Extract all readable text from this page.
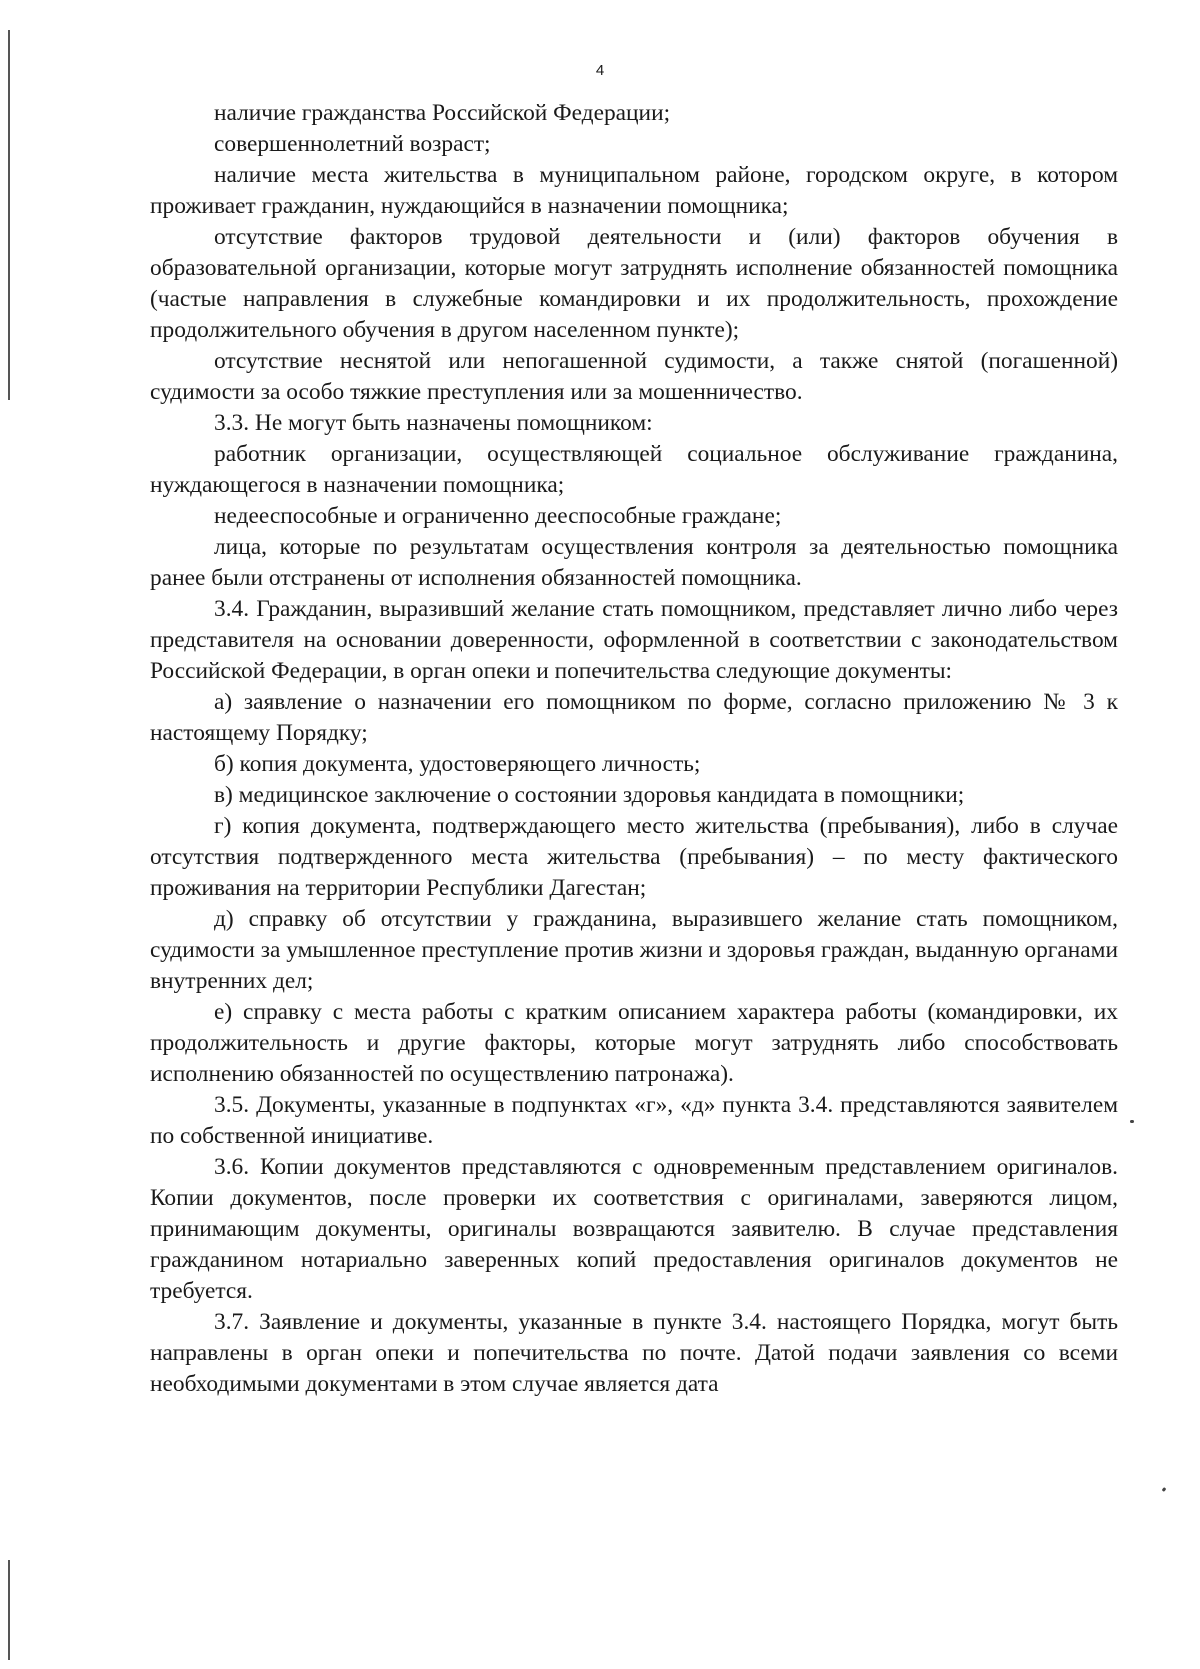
4

наличие гражданства Российской Федерации;

совершеннолетний возраст;

наличие места жительства в муниципальном районе, городском округе, в котором проживает гражданин, нуждающийся в назначении помощника;

отсутствие факторов трудовой деятельности и (или) факторов обучения в образовательной организации, которые могут затруднять исполнение обязанностей помощника (частые направления в служебные командировки и их продолжительность, прохождение продолжительного обучения в другом населенном пункте);

отсутствие неснятой или непогашенной судимости, а также снятой (погашенной) судимости за особо тяжкие преступления или за мошенничество.

3.3. Не могут быть назначены помощником:

работник организации, осуществляющей социальное обслуживание гражданина, нуждающегося в назначении помощника;

недееспособные и ограниченно дееспособные граждане;

лица, которые по результатам осуществления контроля за деятельностью помощника ранее были отстранены от исполнения обязанностей помощника.

3.4. Гражданин, выразивший желание стать помощником, представляет лично либо через представителя на основании доверенности, оформленной в соответствии с законодательством Российской Федерации, в орган опеки и попечительства следующие документы:

а) заявление о назначении его помощником по форме, согласно приложению № 3 к настоящему Порядку;

б) копия документа, удостоверяющего личность;

в) медицинское заключение о состоянии здоровья кандидата в помощники;

г) копия документа, подтверждающего место жительства (пребывания), либо в случае отсутствия подтвержденного места жительства (пребывания) – по месту фактического проживания на территории Республики Дагестан;

д) справку об отсутствии у гражданина, выразившего желание стать помощником, судимости за умышленное преступление против жизни и здоровья граждан, выданную органами внутренних дел;

е) справку с места работы с кратким описанием характера работы (командировки, их продолжительность и другие факторы, которые могут затруднять либо способствовать исполнению обязанностей по осуществлению патронажа).

3.5. Документы, указанные в подпунктах «г», «д» пункта 3.4. представляются заявителем по собственной инициативе.

3.6. Копии документов представляются с одновременным представлением оригиналов. Копии документов, после проверки их соответствия с оригиналами, заверяются лицом, принимающим документы, оригиналы возвращаются заявителю. В случае представления гражданином нотариально заверенных копий предоставления оригиналов документов не требуется.

3.7. Заявление и документы, указанные в пункте 3.4. настоящего Порядка, могут быть направлены в орган опеки и попечительства по почте. Датой подачи заявления со всеми необходимыми документами в этом случае является дата
